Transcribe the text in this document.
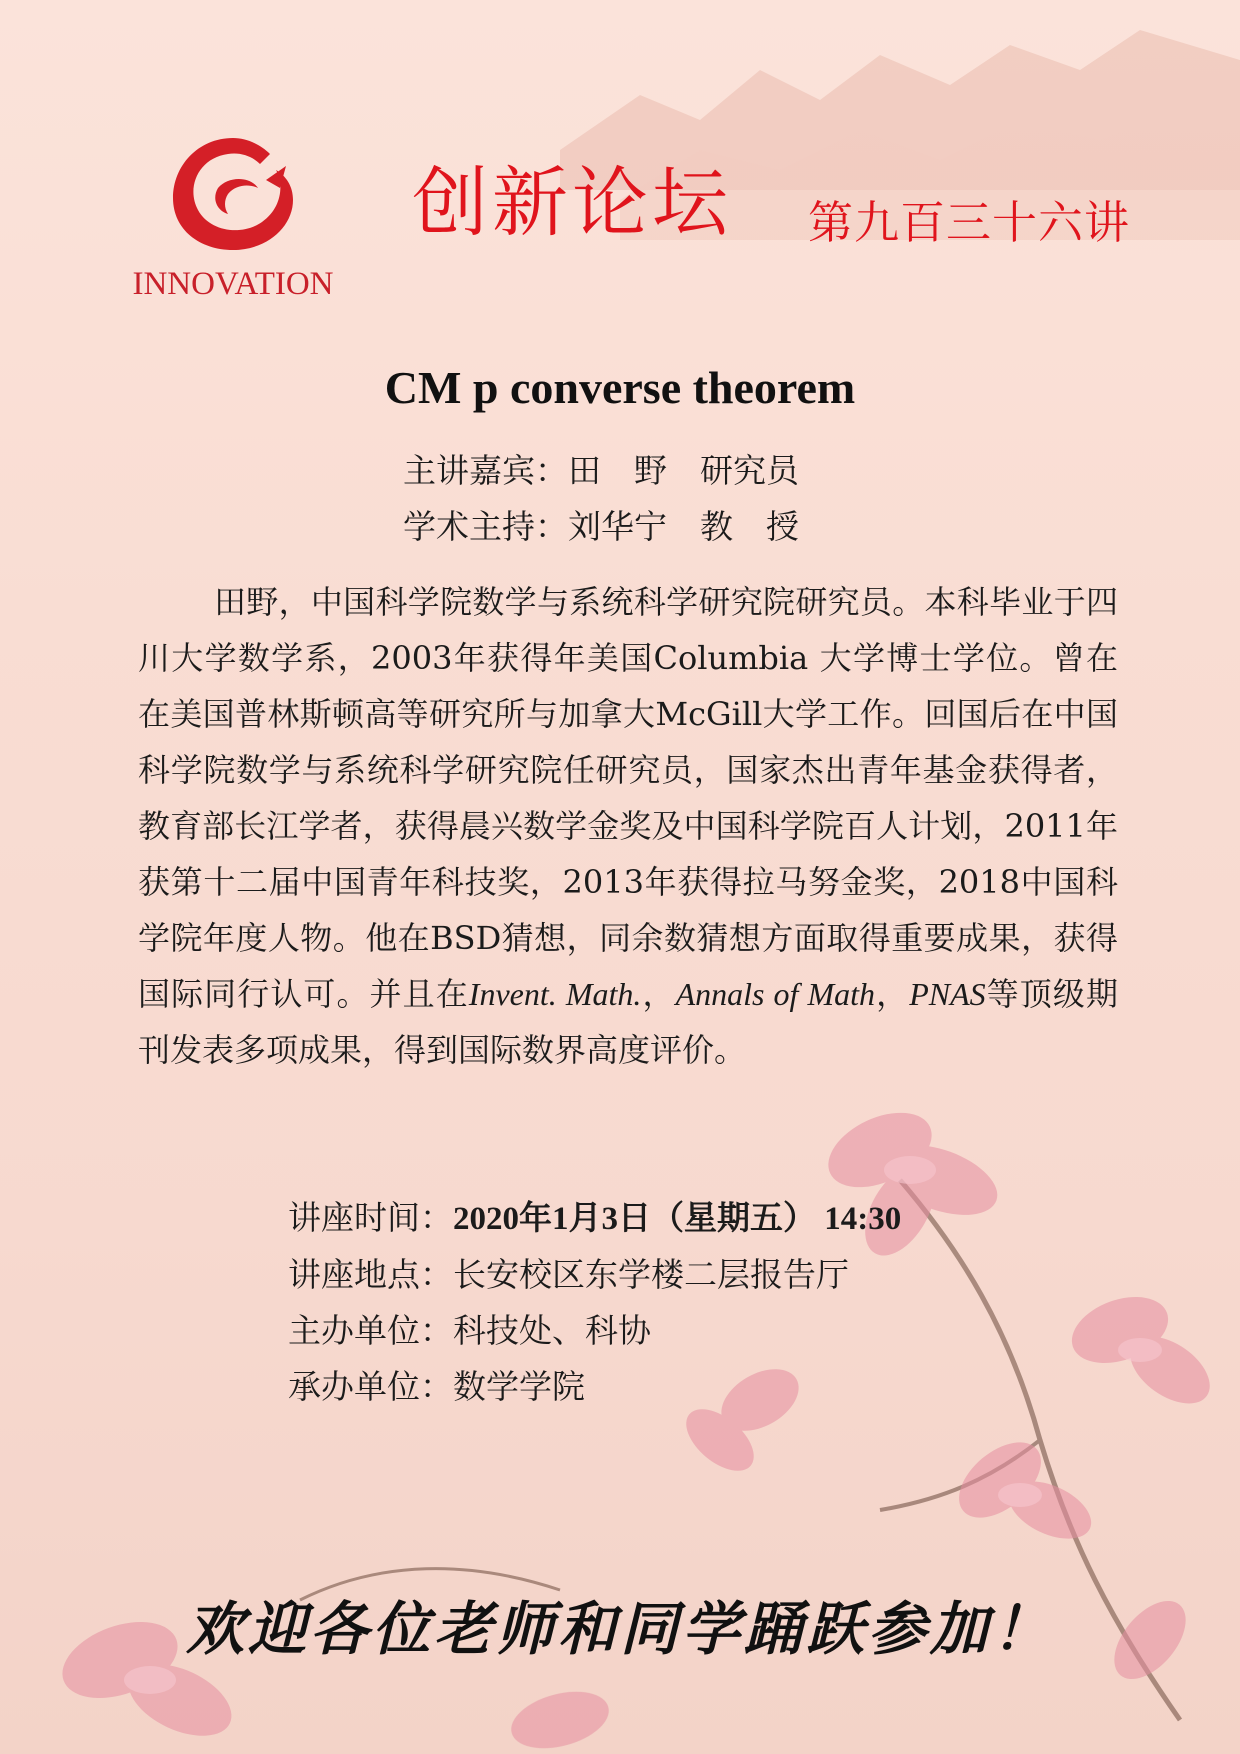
INNOVATION
创新论坛 第九百三十六讲
CM p converse theorem
主讲嘉宾：田　野　研究员
学术主持：刘华宁　教　授
田野，中国科学院数学与系统科学研究院研究员。本科毕业于四川大学数学系，2003年获得年美国Columbia 大学博士学位。曾在在美国普林斯顿高等研究所与加拿大McGill大学工作。回国后在中国科学院数学与系统科学研究院任研究员，国家杰出青年基金获得者，教育部长江学者，获得晨兴数学金奖及中国科学院百人计划，2011年获第十二届中国青年科技奖，2013年获得拉马努金奖，2018中国科学院年度人物。他在BSD猜想，同余数猜想方面取得重要成果，获得国际同行认可。并且在Invent. Math.，Annals of Math，PNAS等顶级期刊发表多项成果，得到国际数界高度评价。
讲座时间：2020年1月3日（星期五） 14:30
讲座地点：长安校区东学楼二层报告厅
主办单位：科技处、科协
承办单位：数学学院
欢迎各位老师和同学踊跃参加！
